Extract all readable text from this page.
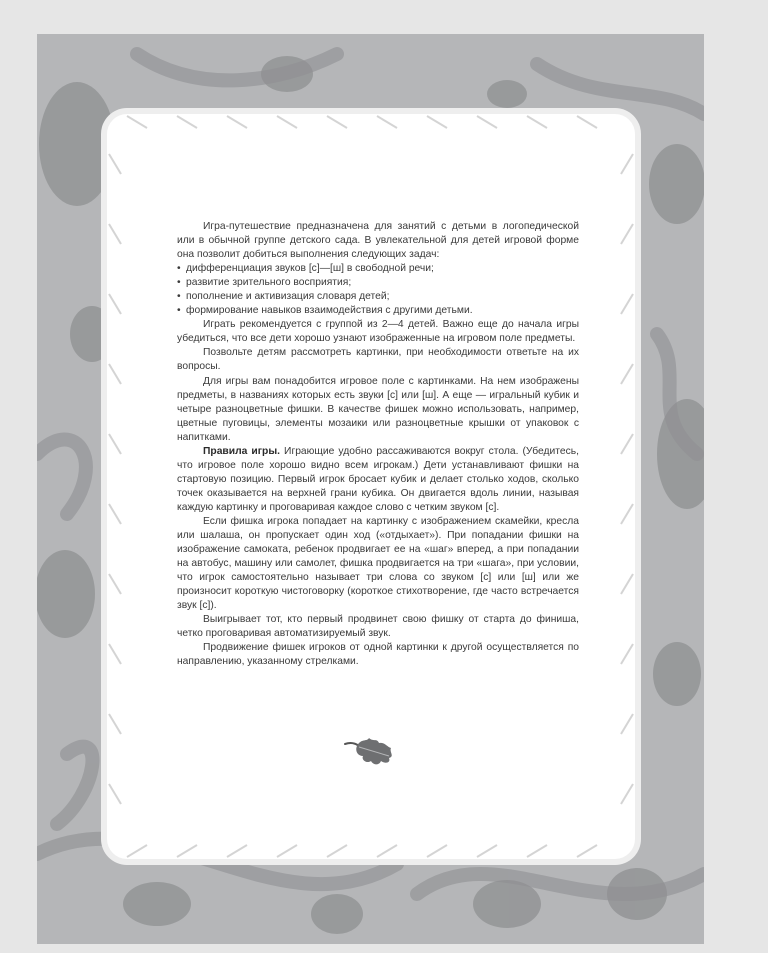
Игра-путешествие предназначена для занятий с детьми в логопедической или в обычной группе детского сада. В увлекательной для детей игровой форме она позволит добиться выполнения следующих задач:

• дифференциация звуков [с]—[ш] в свободной речи;
• развитие зрительного восприятия;
• пополнение и активизация словаря детей;
• формирование навыков взаимодействия с другими детьми.

Играть рекомендуется с группой из 2—4 детей. Важно еще до начала игры убедиться, что все дети хорошо узнают изображенные на игровом поле предметы.

Позвольте детям рассмотреть картинки, при необходимости ответьте на их вопросы.

Для игры вам понадобится игровое поле с картинками. На нем изображены предметы, в названиях которых есть звуки [с] или [ш]. А еще — игральный кубик и четыре разноцветные фишки. В качестве фишек можно использовать, например, цветные пуговицы, элементы мозаики или разноцветные крышки от упаковок с напитками.

Правила игры. Играющие удобно рассаживаются вокруг стола. (Убедитесь, что игровое поле хорошо видно всем игрокам.) Дети устанавливают фишки на стартовую позицию. Первый игрок бросает кубик и делает столько ходов, сколько точек оказывается на верхней грани кубика. Он двигается вдоль линии, называя каждую картинку и проговаривая каждое слово с четким звуком [с].

Если фишка игрока попадает на картинку с изображением скамейки, кресла или шалаша, он пропускает один ход («отдыхает»). При попадании фишки на изображение самоката, ребенок продвигает ее на «шаг» вперед, а при попадании на автобус, машину или самолет, фишка продвигается на три «шага», при условии, что игрок самостоятельно называет три слова со звуком [с] или [ш] или же произносит короткую чистоговорку (короткое стихотворение, где часто встречается звук [с]).

Выигрывает тот, кто первый продвинет свою фишку от старта до финиша, четко проговаривая автоматизируемый звук.

Продвижение фишек игроков от одной картинки к другой осуществляется по направлению, указанному стрелками.
